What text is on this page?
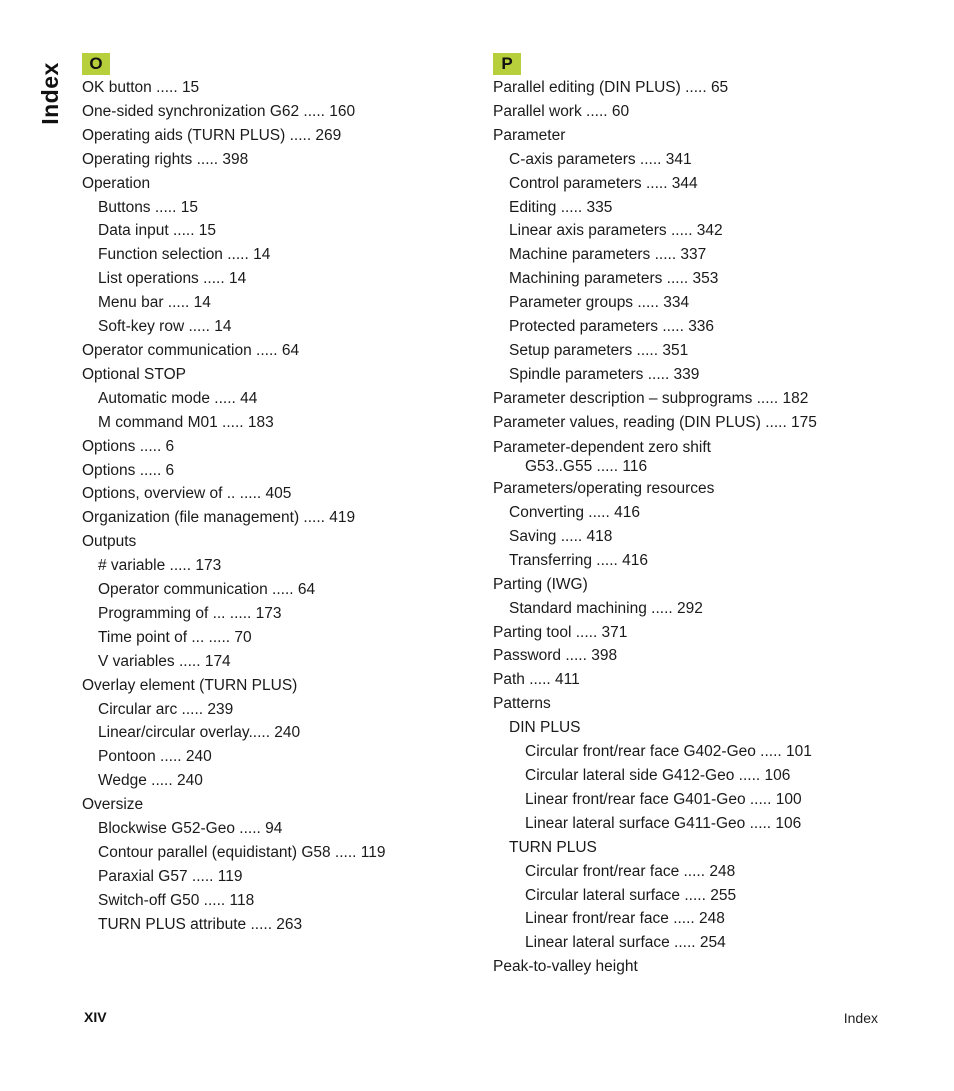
Index	O
OK button ..... 15
One-sided synchronization G62 ..... 160
Operating aids (TURN PLUS) ..... 269
Operating rights ..... 398
Operation
Buttons ..... 15
Data input ..... 15
Function selection ..... 14
List operations ..... 14
Menu bar ..... 14
Soft-key row ..... 14
Operator communication ..... 64
Optional STOP
Automatic mode ..... 44
M command M01 ..... 183
Options ..... 6
Options ..... 6
Options, overview of .. ..... 405
Organization (file management) ..... 419
Outputs
# variable ..... 173
Operator communication ..... 64
Programming of ... ..... 173
Time point of ... ..... 70
V variables ..... 174
Overlay element (TURN PLUS)
Circular arc ..... 239
Linear/circular overlay..... 240
Pontoon ..... 240
Wedge ..... 240
Oversize
Blockwise G52-Geo ..... 94
Contour parallel (equidistant) G58 ..... 119
Paraxial G57 ..... 119
Switch-off G50 ..... 118
TURN PLUS attribute ..... 263
P
Parallel editing (DIN PLUS) ..... 65
Parallel work ..... 60
Parameter
C-axis parameters ..... 341
Control parameters ..... 344
Editing ..... 335
Linear axis parameters ..... 342
Machine parameters ..... 337
Machining parameters ..... 353
Parameter groups ..... 334
Protected parameters ..... 336
Setup parameters ..... 351
Spindle parameters ..... 339
Parameter description – subprograms ..... 182
Parameter values, reading (DIN PLUS) ..... 175
Parameter-dependent zero shift
G53..G55 ..... 116
Parameters/operating resources
Converting ..... 416
Saving ..... 418
Transferring ..... 416
Parting (IWG)
Standard machining ..... 292
Parting tool ..... 371
Password ..... 398
Path ..... 411
Patterns
DIN PLUS
Circular front/rear face G402-Geo ..... 101
Circular lateral side G412-Geo ..... 106
Linear front/rear face G401-Geo ..... 100
Linear lateral surface G411-Geo ..... 106
TURN PLUS
Circular front/rear face ..... 248
Circular lateral surface ..... 255
Linear front/rear face ..... 248
Linear lateral surface ..... 254
Peak-to-valley height
XIV	Index
